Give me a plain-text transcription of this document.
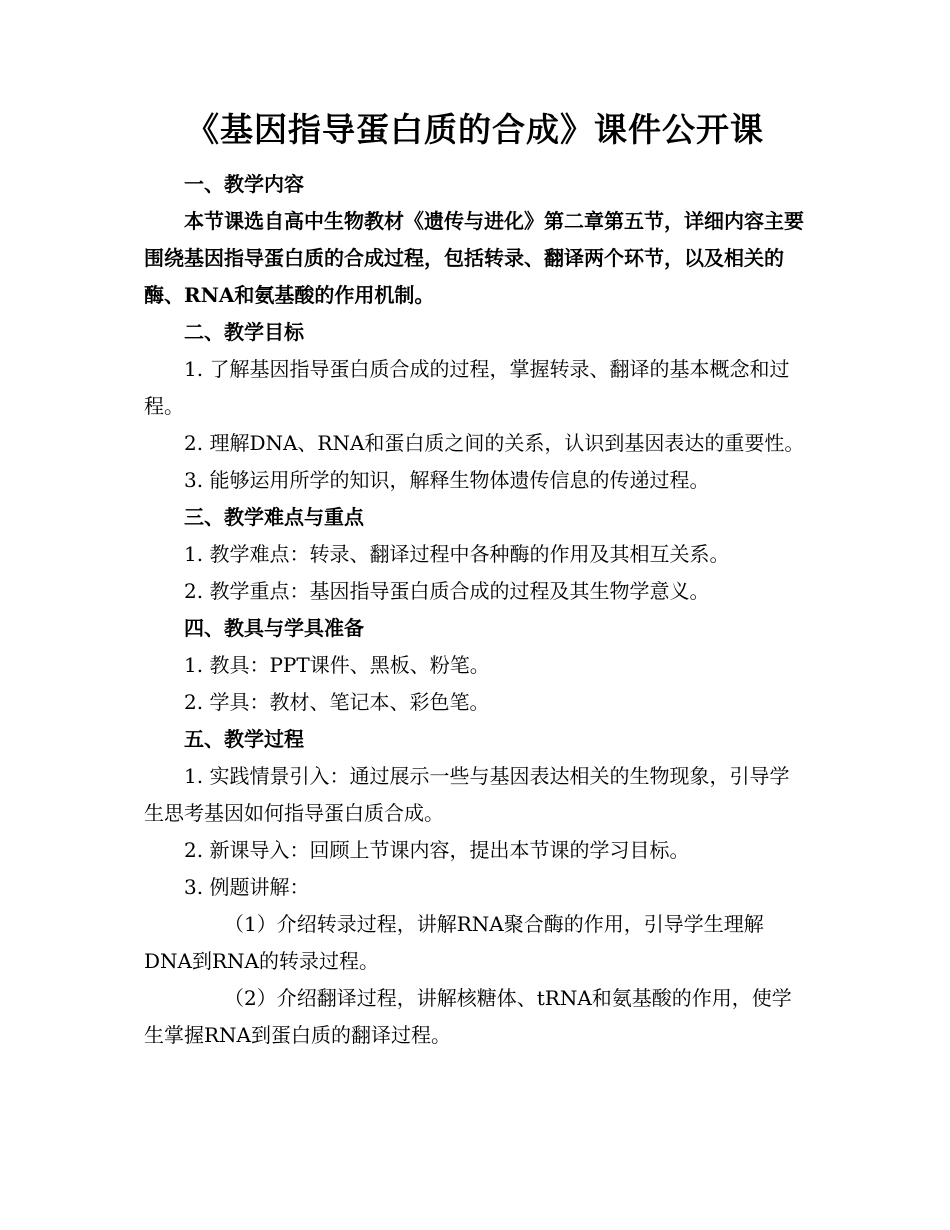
《基因指导蛋白质的合成》课件公开课

一、教学内容

本节课选自高中生物教材《遗传与进化》第二章第五节，详细内容主要围绕基因指导蛋白质的合成过程，包括转录、翻译两个环节，以及相关的酶、RNA和氨基酸的作用机制。

二、教学目标

1. 了解基因指导蛋白质合成的过程，掌握转录、翻译的基本概念和过程。

2. 理解DNA、RNA和蛋白质之间的关系，认识到基因表达的重要性。

3. 能够运用所学的知识，解释生物体遗传信息的传递过程。

三、教学难点与重点

1. 教学难点：转录、翻译过程中各种酶的作用及其相互关系。

2. 教学重点：基因指导蛋白质合成的过程及其生物学意义。

四、教具与学具准备

1. 教具：PPT课件、黑板、粉笔。

2. 学具：教材、笔记本、彩色笔。

五、教学过程

1. 实践情景引入：通过展示一些与基因表达相关的生物现象，引导学生思考基因如何指导蛋白质合成。

2. 新课导入：回顾上节课内容，提出本节课的学习目标。

3. 例题讲解：

（1）介绍转录过程，讲解RNA聚合酶的作用，引导学生理解DNA到RNA的转录过程。

（2）介绍翻译过程，讲解核糖体、tRNA和氨基酸的作用，使学生掌握RNA到蛋白质的翻译过程。
